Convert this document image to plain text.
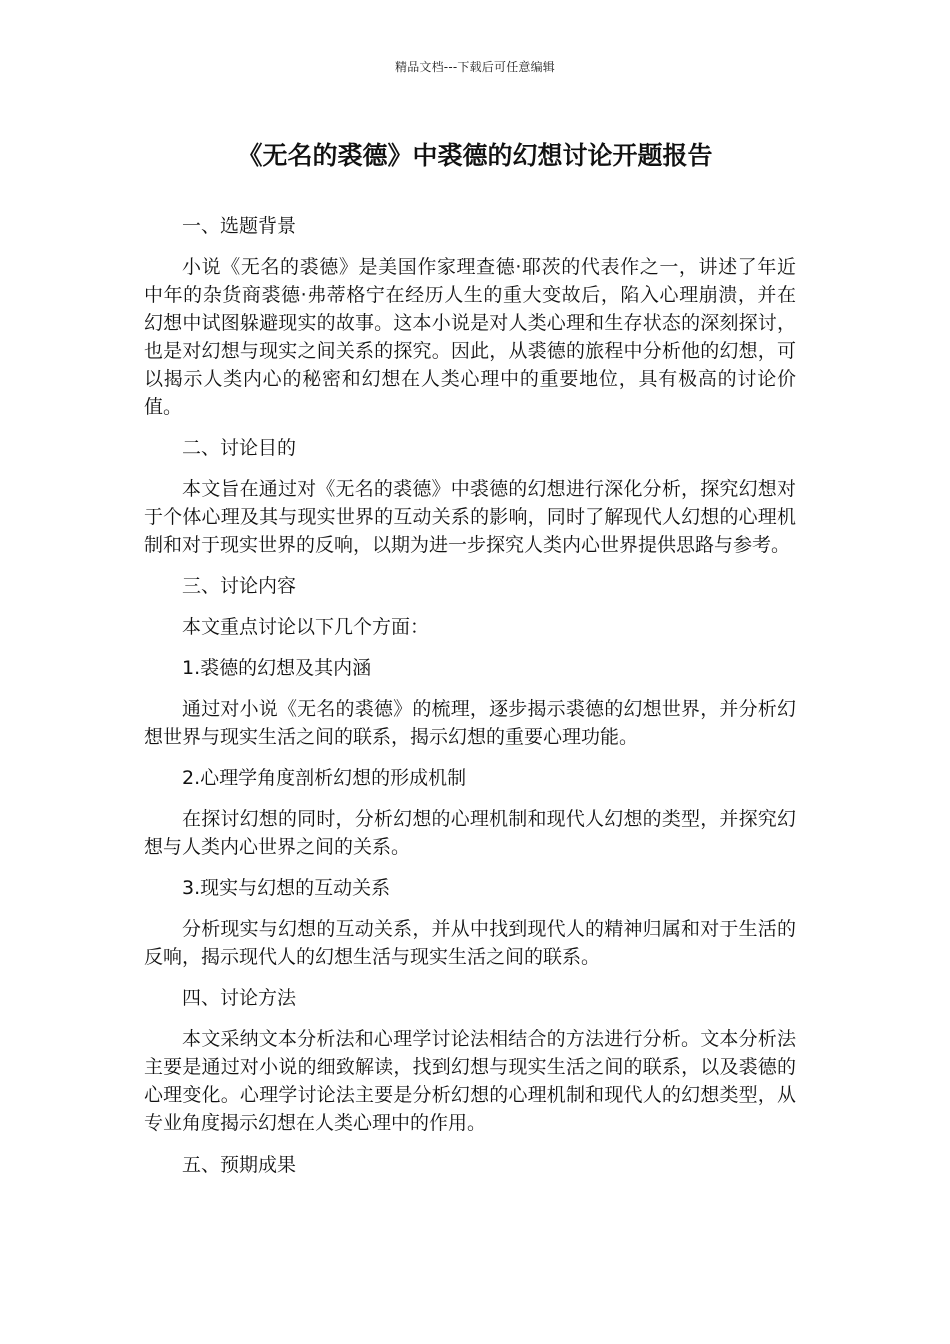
精品文档---下载后可任意编辑
《无名的裘德》中裘德的幻想讨论开题报告

一、选题背景

小说《无名的裘德》是美国作家理查德·耶茨的代表作之一，讲述了年近中年的杂货商裘德·弗蒂格宁在经历人生的重大变故后，陷入心理崩溃，并在幻想中试图躲避现实的故事。这本小说是对人类心理和生存状态的深刻探讨，也是对幻想与现实之间关系的探究。因此，从裘德的旅程中分析他的幻想，可以揭示人类内心的秘密和幻想在人类心理中的重要地位，具有极高的讨论价值。

二、讨论目的

本文旨在通过对《无名的裘德》中裘德的幻想进行深化分析，探究幻想对于个体心理及其与现实世界的互动关系的影响，同时了解现代人幻想的心理机制和对于现实世界的反响，以期为进一步探究人类内心世界提供思路与参考。

三、讨论内容

本文重点讨论以下几个方面：

1.裘德的幻想及其内涵

通过对小说《无名的裘德》的梳理，逐步揭示裘德的幻想世界，并分析幻想世界与现实生活之间的联系，揭示幻想的重要心理功能。

2.心理学角度剖析幻想的形成机制

在探讨幻想的同时，分析幻想的心理机制和现代人幻想的类型，并探究幻想与人类内心世界之间的关系。

3.现实与幻想的互动关系

分析现实与幻想的互动关系，并从中找到现代人的精神归属和对于生活的反响，揭示现代人的幻想生活与现实生活之间的联系。

四、讨论方法

本文采纳文本分析法和心理学讨论法相结合的方法进行分析。文本分析法主要是通过对小说的细致解读，找到幻想与现实生活之间的联系，以及裘德的心理变化。心理学讨论法主要是分析幻想的心理机制和现代人的幻想类型，从专业角度揭示幻想在人类心理中的作用。

五、预期成果
